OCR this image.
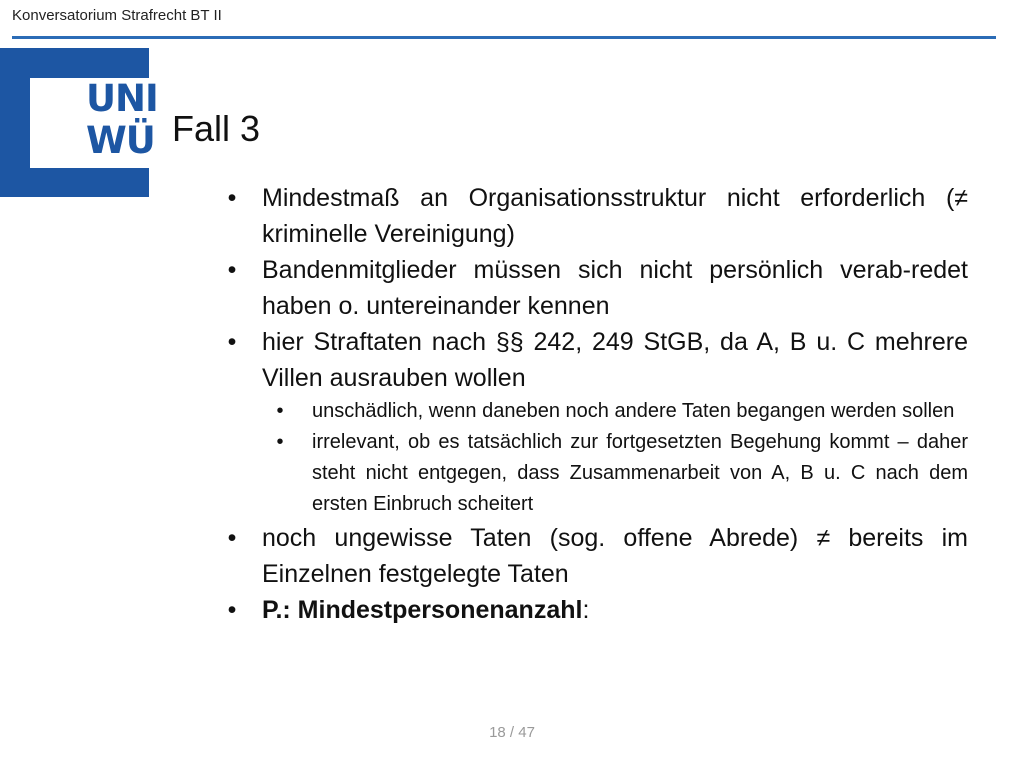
Konversatorium Strafrecht BT II
UNI
WÜ Fall 3
• Mindestmaß an Organisationsstruktur nicht erforderlich (≠ kriminelle Vereinigung)
• Bandenmitglieder müssen sich nicht persönlich verab-redet haben o. untereinander kennen
• hier Straftaten nach §§ 242, 249 StGB, da A, B u. C mehrere Villen ausrauben wollen
•	unschädlich, wenn daneben noch andere Taten begangen werden sollen
•	irrelevant, ob es tatsächlich zur fortgesetzten Begehung kommt – daher steht nicht entgegen, dass Zusammenarbeit von A, B u. C nach dem ersten Einbruch scheitert
• noch ungewisse Taten (sog. offene Abrede) ≠ bereits im Einzelnen festgelegte Taten
• P.: Mindestpersonenanzahl:
18 / 47
